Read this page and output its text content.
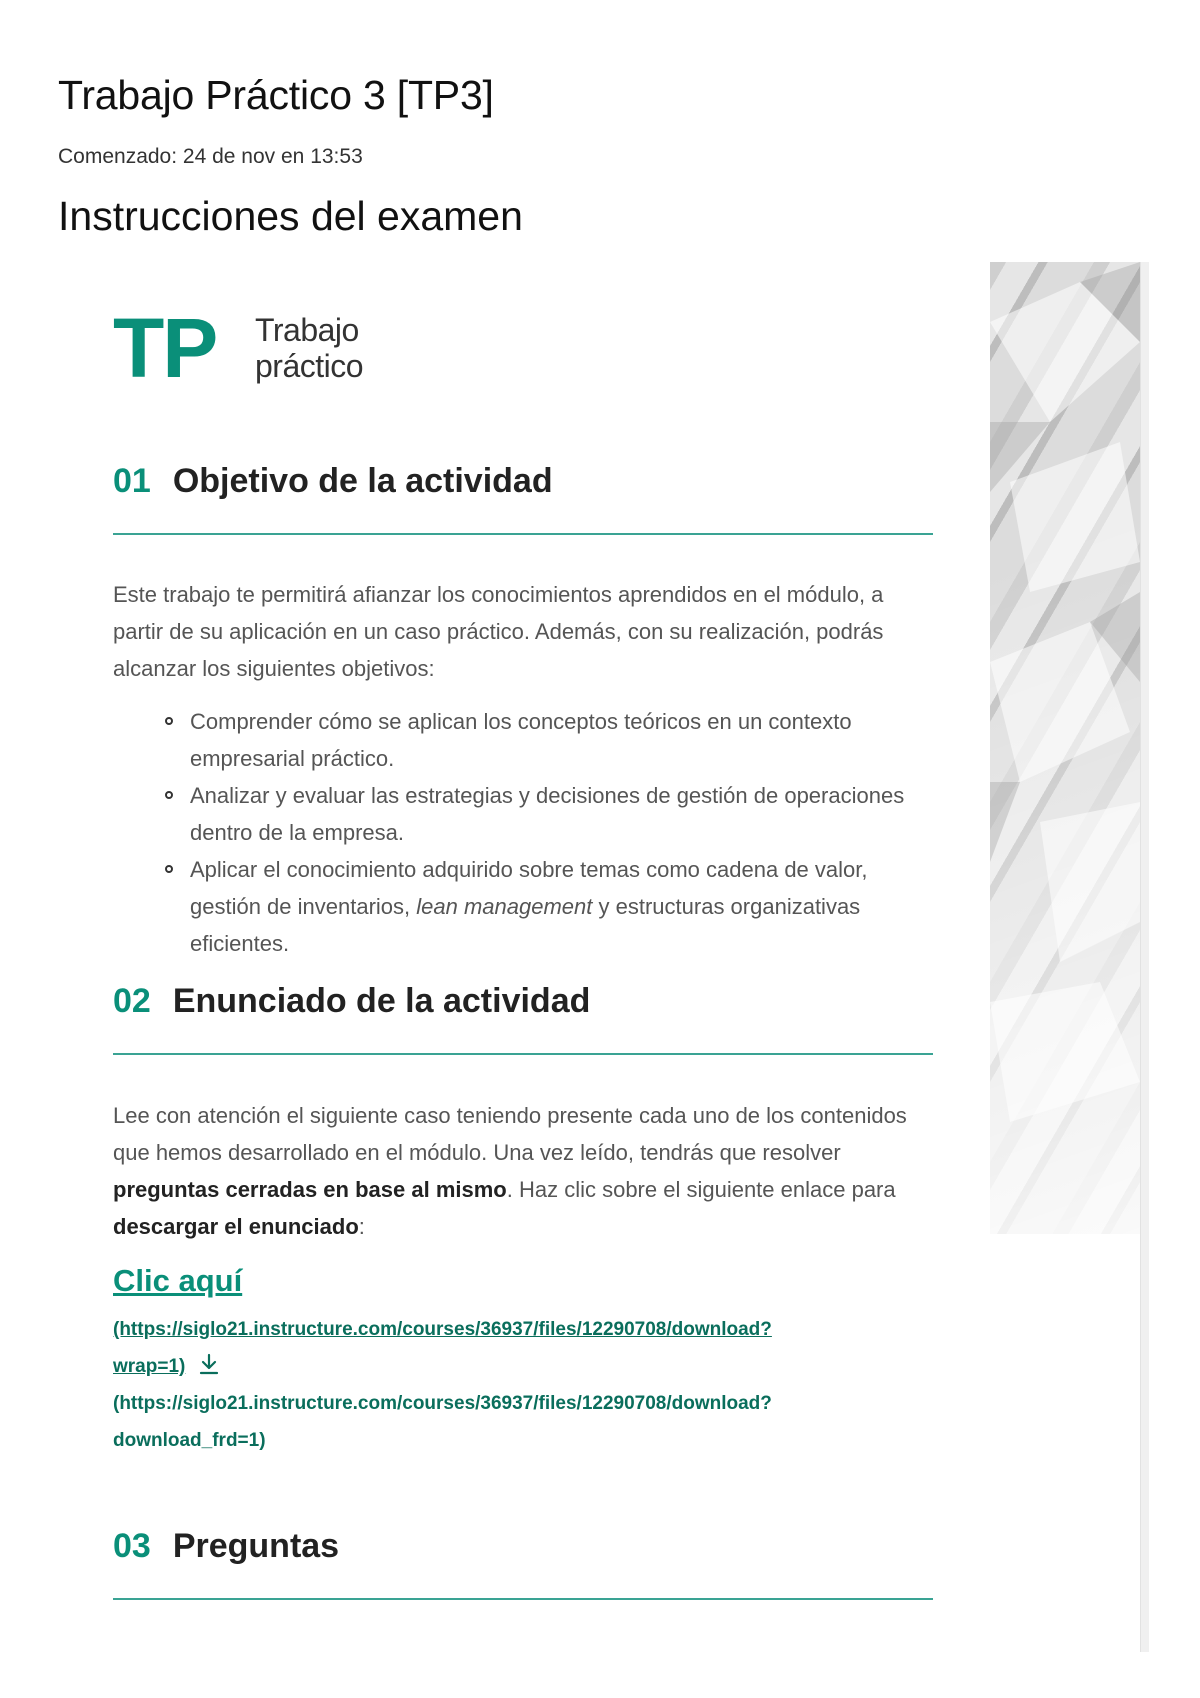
Trabajo Práctico 3 [TP3]
Comenzado: 24 de nov en 13:53
Instrucciones del examen
TP Trabajo
práctico
01 Objetivo de la actividad

Este trabajo te permitirá afianzar los conocimientos aprendidos en el módulo, a partir de su aplicación en un caso práctico. Además, con su realización, podrás alcanzar los siguientes objetivos:

Comprender cómo se aplican los conceptos teóricos en un contexto empresarial práctico.
Analizar y evaluar las estrategias y decisiones de gestión de operaciones dentro de la empresa.
Aplicar el conocimiento adquirido sobre temas como cadena de valor, gestión de inventarios, lean management y estructuras organizativas eficientes.
02 Enunciado de la actividad

Lee con atención el siguiente caso teniendo presente cada uno de los contenidos que hemos desarrollado en el módulo. Una vez leído, tendrás que resolver preguntas cerradas en base al mismo. Haz clic sobre el siguiente enlace para descargar el enunciado:

Clic aquí
(https://siglo21.instructure.com/courses/36937/files/12290708/download?
wrap=1)
(https://siglo21.instructure.com/courses/36937/files/12290708/download?
download_frd=1)
03 Preguntas
